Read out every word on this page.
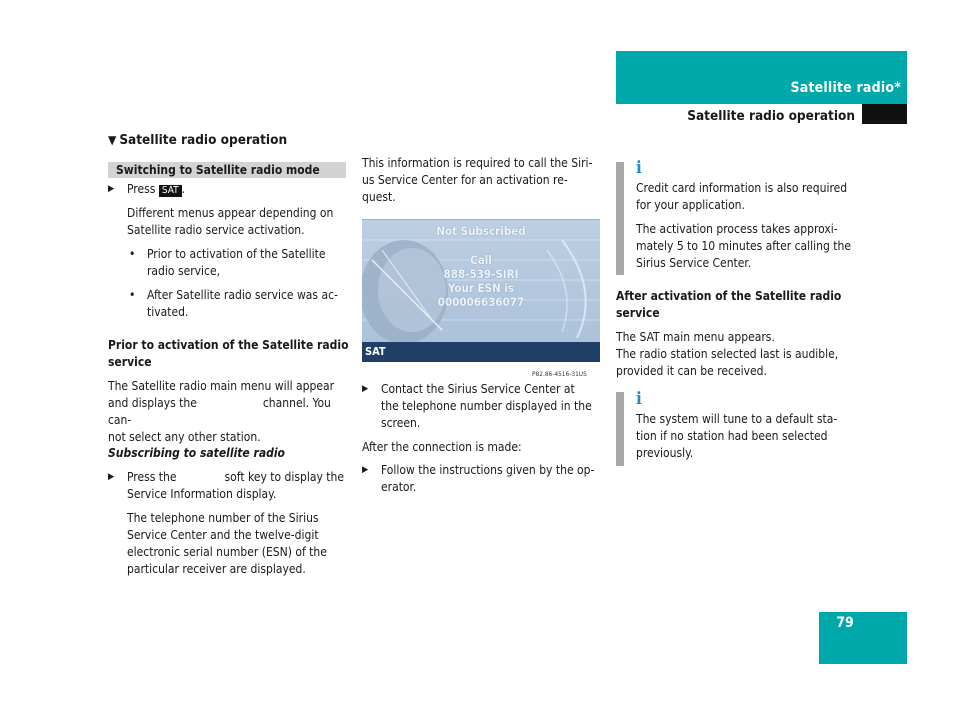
Satellite radio*
Satellite radio operation
▼ Satellite radio operation
Switching to Satellite radio mode
▶ Press SAT .
Different menus appear depending on
Satellite radio service activation.
• Prior to activation of the Satellite
radio service,
• After Satellite radio service was ac-
tivated.
Prior to activation of the Satellite radio
service
The Satellite radio main menu will appear
and displays the	channel. You can-
not select any other station.
Subscribing to satellite radio
▶ Press the	soft key to display the
Service Information display.
The telephone number of the Sirius
Service Center and the twelve-digit
electronic serial number (ESN) of the
particular receiver are displayed.
This information is required to call the Siri-
us Service Center for an activation re-
quest.
Not Subscribed
Call
888-539-SIRI
Your ESN is
000006636077
SAT
P82.86-4516-31US
▶ Contact the Sirius Service Center at
the telephone number displayed in the
screen.
After the connection is made:
▶ Follow the instructions given by the op-
erator.
ℹ
Credit card information is also required
for your application.
The activation process takes approxi-
mately 5 to 10 minutes after calling the
Sirius Service Center.
After activation of the Satellite radio
service
The SAT main menu appears.
The radio station selected last is audible,
provided it can be received.
ℹ
The system will tune to a default sta-
tion if no station had been selected
previously.
79
